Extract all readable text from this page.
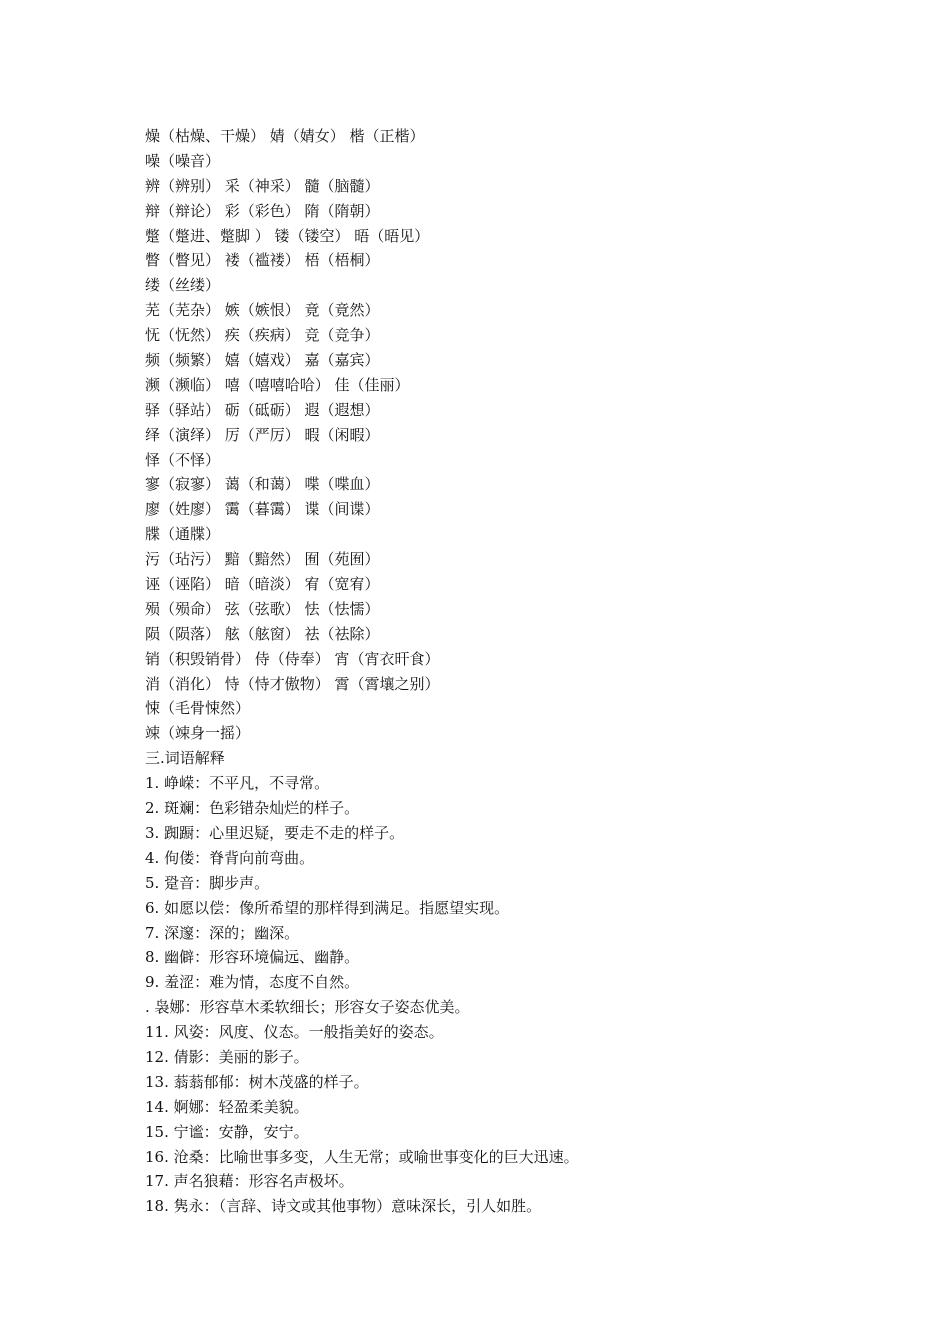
燥（枯燥、干燥） 婧（婧女） 楷（正楷）
噪（噪音）
辨（辨别） 采（神采） 髓（脑髓）
辩（辩论） 彩（彩色） 隋（隋朝）
蹩（蹩进、蹩脚 ） 镂（镂空） 晤（晤见）
瞥（瞥见） 褛（褴褛） 梧（梧桐）
缕（丝缕）
芜（芜杂） 嫉（嫉恨） 竟（竟然）
怃（怃然） 疾（疾病） 竞（竞争）
频（频繁） 嬉（嬉戏） 嘉（嘉宾）
濒（濒临） 嘻（嘻嘻哈哈） 佳（佳丽）
驿（驿站） 砺（砥砺） 遐（遐想）
绎（演绎） 厉（严厉） 暇（闲暇）
怿（不怿）
寥（寂寥） 蔼（和蔼） 喋（喋血）
廖（姓廖） 霭（暮霭） 谍（间谍）
牒（通牒）
污（玷污） 黯（黯然） 囿（苑囿）
诬（诬陷） 暗（暗淡） 宥（宽宥）
殒（殒命） 弦（弦歌） 怯（怯懦）
陨（陨落） 舷（舷窗） 祛（祛除）
销（积毁销骨） 侍（侍奉） 宵（宵衣旰食）
消（消化） 恃（恃才傲物） 霄（霄壤之别）
悚（毛骨悚然）
竦（竦身一摇）
三.词语解释
1. 峥嵘：不平凡，不寻常。
2. 斑斓：色彩错杂灿烂的样子。
3. 踟蹰：心里迟疑，要走不走的样子。
4. 佝偻：脊背向前弯曲。
5. 跫音：脚步声。
6. 如愿以偿：像所希望的那样得到满足。指愿望实现。
7. 深邃：深的；幽深。
8. 幽僻：形容环境偏远、幽静。
9. 羞涩：难为情，态度不自然。
. 袅娜：形容草木柔软细长；形容女子姿态优美。
11. 风姿：风度、仪态。一般指美好的姿态。
12. 倩影：美丽的影子。
13. 蓊蓊郁郁：树木茂盛的样子。
14. 婀娜：轻盈柔美貌。
15. 宁谧：安静，安宁。
16. 沧桑：比喻世事多变，人生无常；或喻世事变化的巨大迅速。
17. 声名狼藉：形容名声极坏。
18. 隽永：（言辞、诗文或其他事物）意味深长，引人如胜。
